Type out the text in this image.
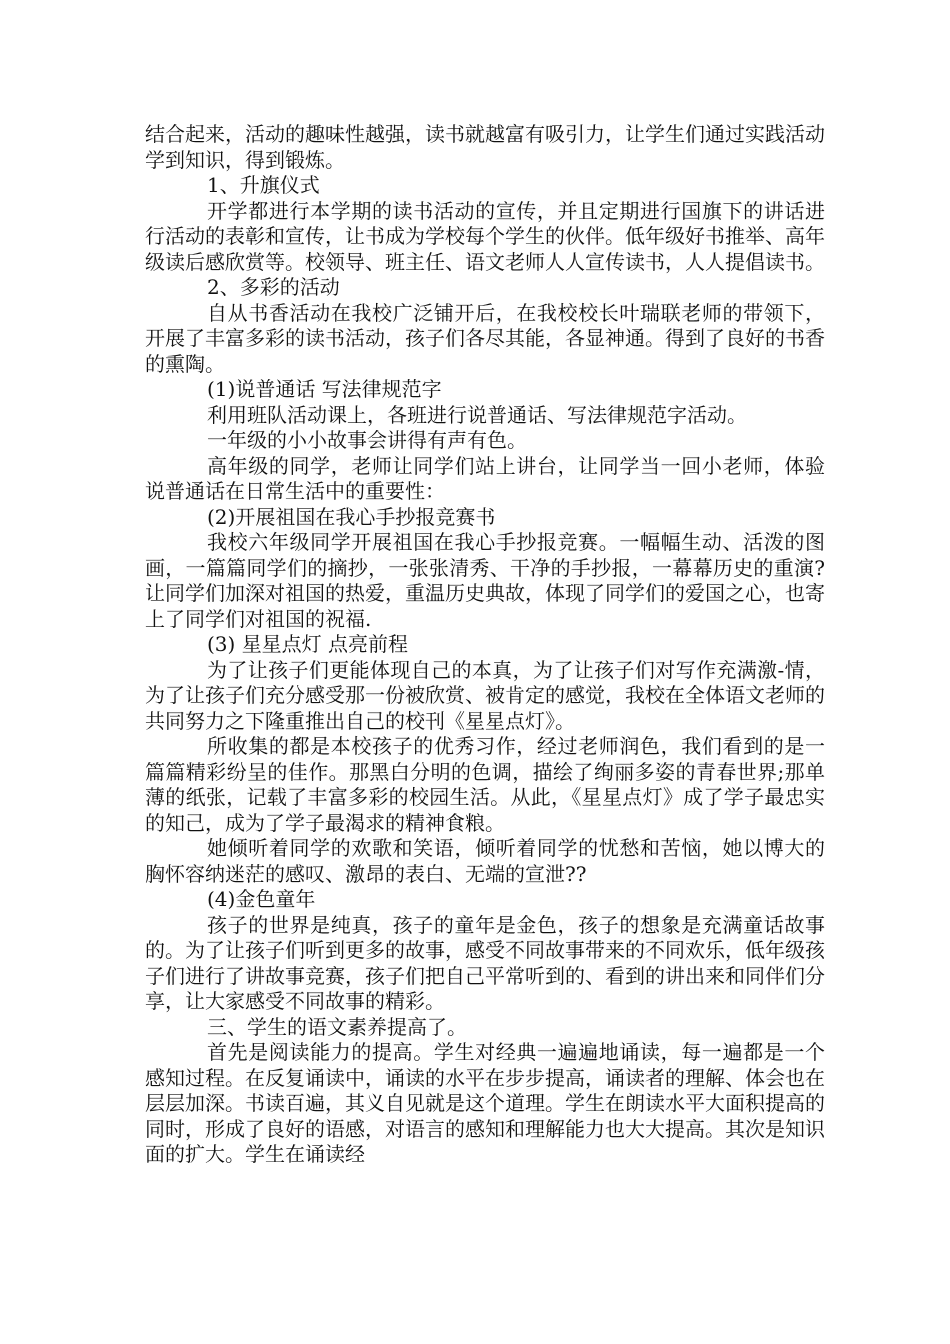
结合起来，活动的趣味性越强，读书就越富有吸引力，让学生们通过实践活动学到知识，得到锻炼。

1、升旗仪式

开学都进行本学期的读书活动的宣传，并且定期进行国旗下的讲话进行活动的表彰和宣传，让书成为学校每个学生的伙伴。低年级好书推举、高年级读后感欣赏等。校领导、班主任、语文老师人人宣传读书，人人提倡读书。

2、多彩的活动

自从书香活动在我校广泛铺开后，在我校校长叶瑞联老师的带领下，开展了丰富多彩的读书活动，孩子们各尽其能，各显神通。得到了良好的书香的熏陶。

(1)说普通话 写法律规范字

利用班队活动课上，各班进行说普通话、写法律规范字活动。

一年级的小小故事会讲得有声有色。

高年级的同学，老师让同学们站上讲台，让同学当一回小老师，体验说普通话在日常生活中的重要性：

(2)开展祖国在我心手抄报竞赛书

我校六年级同学开展祖国在我心手抄报竞赛。一幅幅生动、活泼的图画，一篇篇同学们的摘抄，一张张清秀、干净的手抄报，一幕幕历史的重演?让同学们加深对祖国的热爱，重温历史典故，体现了同学们的爱国之心，也寄上了同学们对祖国的祝福.

(3) 星星点灯 点亮前程

为了让孩子们更能体现自己的本真，为了让孩子们对写作充满激-情，为了让孩子们充分感受那一份被欣赏、被肯定的感觉，我校在全体语文老师的共同努力之下隆重推出自己的校刊《星星点灯》。

所收集的都是本校孩子的优秀习作，经过老师润色，我们看到的是一篇篇精彩纷呈的佳作。那黑白分明的色调，描绘了绚丽多姿的青春世界;那单薄的纸张，记载了丰富多彩的校园生活。从此，《星星点灯》成了学子最忠实的知己，成为了学子最渴求的精神食粮。

她倾听着同学的欢歌和笑语，倾听着同学的忧愁和苦恼，她以博大的胸怀容纳迷茫的感叹、激昂的表白、无端的宣泄??

(4)金色童年

孩子的世界是纯真，孩子的童年是金色，孩子的想象是充满童话故事的。为了让孩子们听到更多的故事，感受不同故事带来的不同欢乐，低年级孩子们进行了讲故事竞赛，孩子们把自己平常听到的、看到的讲出来和同伴们分享，让大家感受不同故事的精彩。

三、学生的语文素养提高了。

首先是阅读能力的提高。学生对经典一遍遍地诵读，每一遍都是一个感知过程。在反复诵读中，诵读的水平在步步提高，诵读者的理解、体会也在层层加深。书读百遍，其义自见就是这个道理。学生在朗读水平大面积提高的同时，形成了良好的语感，对语言的感知和理解能力也大大提高。其次是知识面的扩大。学生在诵读经
